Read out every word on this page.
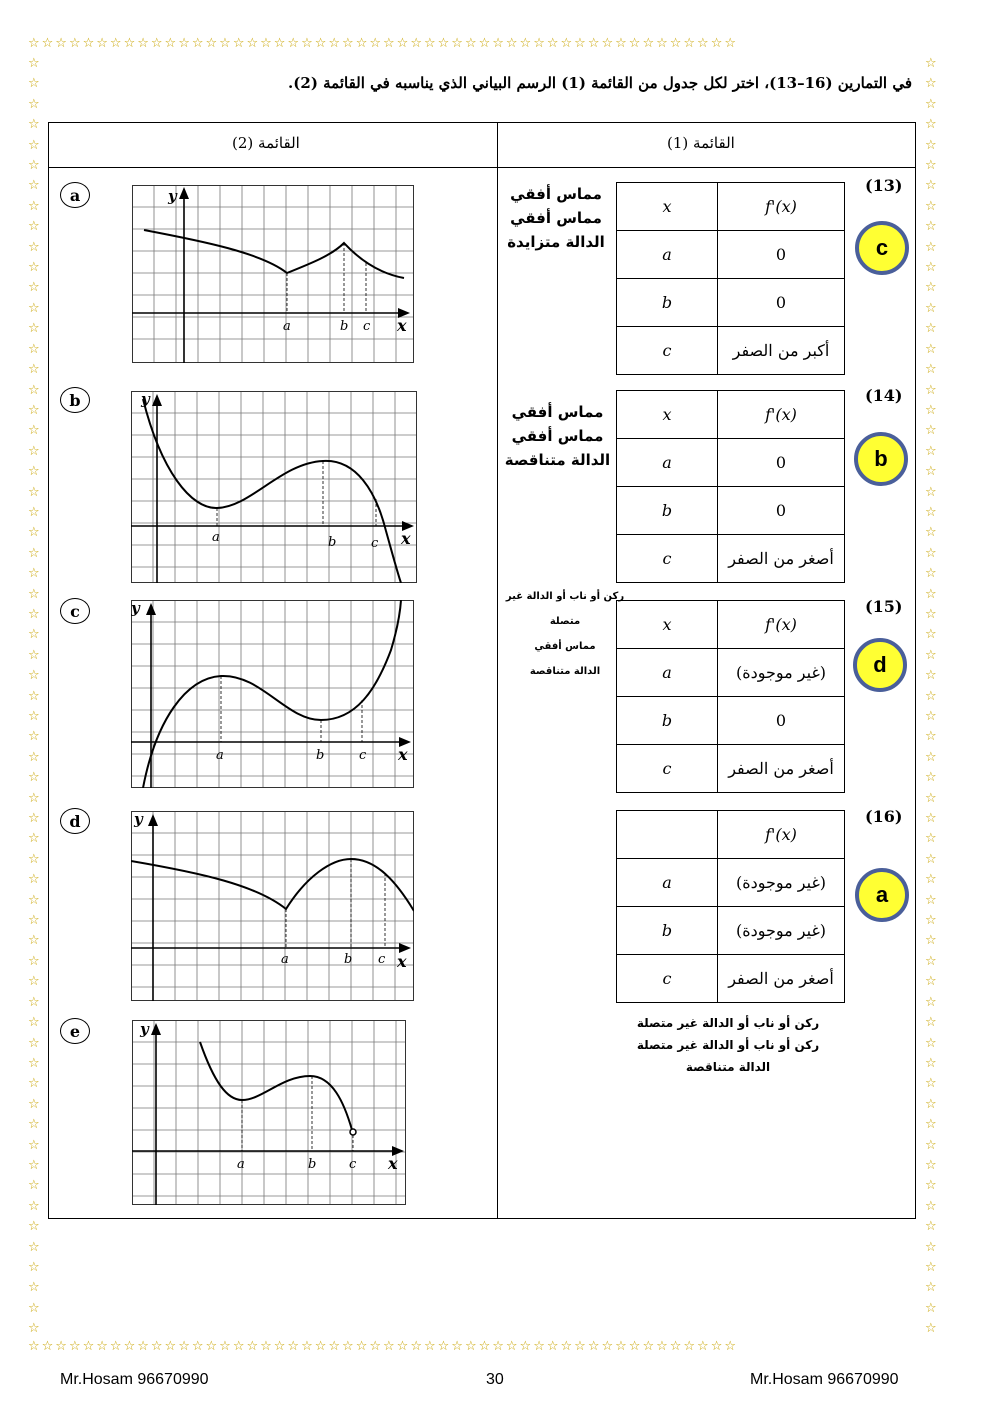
☆☆☆☆☆☆☆☆☆☆☆☆☆☆☆☆☆☆☆☆☆☆☆☆☆☆☆☆☆☆☆☆☆☆☆☆☆☆☆☆☆☆☆☆☆☆☆☆☆☆☆☆
☆☆☆☆☆☆☆☆☆☆☆☆☆☆☆☆☆☆☆☆☆☆☆☆☆☆☆☆☆☆☆☆☆☆☆☆☆☆☆☆☆☆☆☆☆☆☆☆☆☆☆☆
☆☆☆☆☆☆☆☆☆☆☆☆☆☆☆☆☆☆☆☆☆☆☆☆☆☆☆☆☆☆☆☆☆☆☆☆☆☆☆☆☆☆☆☆☆☆☆☆☆☆☆☆☆☆☆☆☆☆☆☆☆☆☆
☆☆☆☆☆☆☆☆☆☆☆☆☆☆☆☆☆☆☆☆☆☆☆☆☆☆☆☆☆☆☆☆☆☆☆☆☆☆☆☆☆☆☆☆☆☆☆☆☆☆☆☆☆☆☆☆☆☆☆☆☆☆☆
في التمارين (16–13)، اختر لكل جدول من القائمة (1) الرسم البياني الذي يناسبه في القائمة (2).
القائمة (2)	القائمة (1)
a
b
c
d
e
y
x
a	b c
y
x
a	b	c
y
x
a	b	c
y
x
a	b c
y
x
a	b	c
(13)
x	f'(x)
a	0
b	0
c	أكبر من الصفر
c
مماس أفقي
مماس أفقي
الدالة متزايدة
(14)
x	f'(x)
a	0
b	0
c	أصغر من الصفر
b
مماس أفقي
مماس أفقي
الدالة متناقصة
(15)
x	f'(x)
a	(غير موجودة)
b	0
c	أصغر من الصفر
d
ركن أو ناب أو الدالة غير متصلة
مماس أفقي
الدالة متناقصة
(16)
	f'(x)
a	(غير موجودة)
b	(غير موجودة)
c	أصغر من الصفر
a
ركن أو ناب أو الدالة غير متصلة
ركن أو ناب أو الدالة غير متصلة
الدالة متناقصة
Mr.Hosam 96670990	30	Mr.Hosam 96670990
